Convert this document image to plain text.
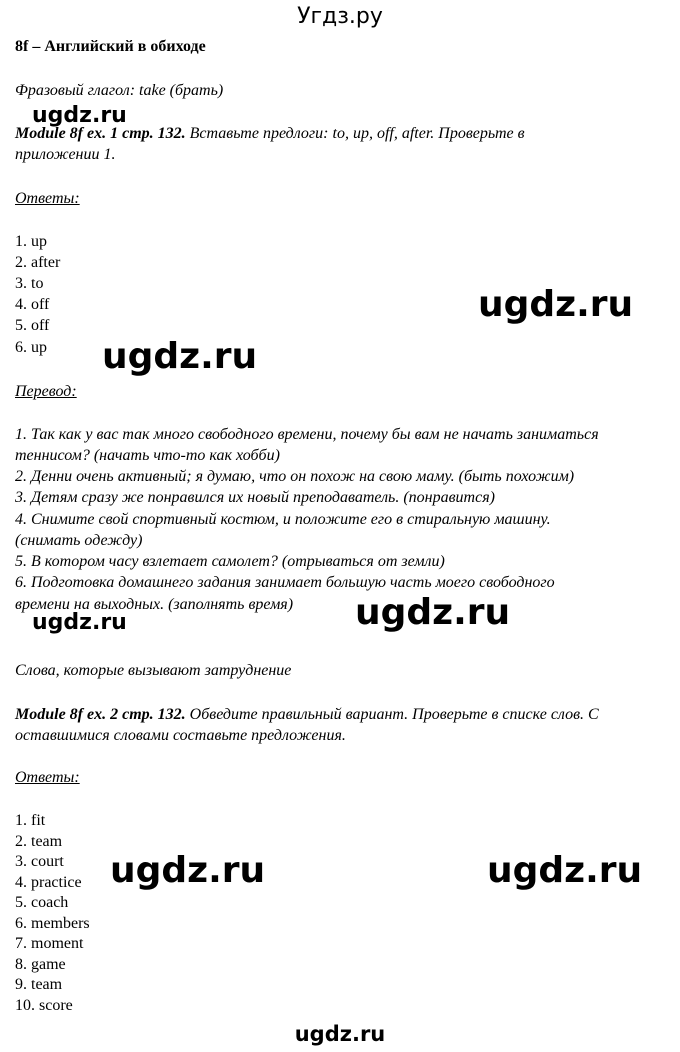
Угдз.ру
8f – Английский в обиходе
Фразовый глагол: take (брать)
ugdz.ru
Module 8f ex. 1 стр. 132. Вставьте предлоги: to, up, off, after. Проверьте в
приложении 1.
Ответы:
1. up
2. after
3. to
4. off
5. off
6. up
ugdz.ru
ugdz.ru
Перевод:
1. Так как у вас так много свободного времени, почему бы вам не начать заниматься
теннисом? (начать что-то как хобби)
2. Денни очень активный; я думаю, что он похож на свою маму. (быть похожим)
3. Детям сразу же понравился их новый преподаватель. (понравится)
4. Снимите свой спортивный костюм, и положите его в стиральную машину.
(снимать одежду)
5. В котором часу взлетает самолет? (отрываться от земли)
6. Подготовка домашнего задания занимает большую часть моего свободного
времени на выходных. (заполнять время) ugdz.ru
ugdz.ru
Слова, которые вызывают затруднение
Module 8f ex. 2 стр. 132. Обведите правильный вариант. Проверьте в списке слов. С
оставшимися словами составьте предложения.
Ответы:
1. fit
2. team
3. court
4. practice
5. coach
6. members
7. moment
8. game
9. team
10. score
ugdz.ru	ugdz.ru
ugdz.ru
